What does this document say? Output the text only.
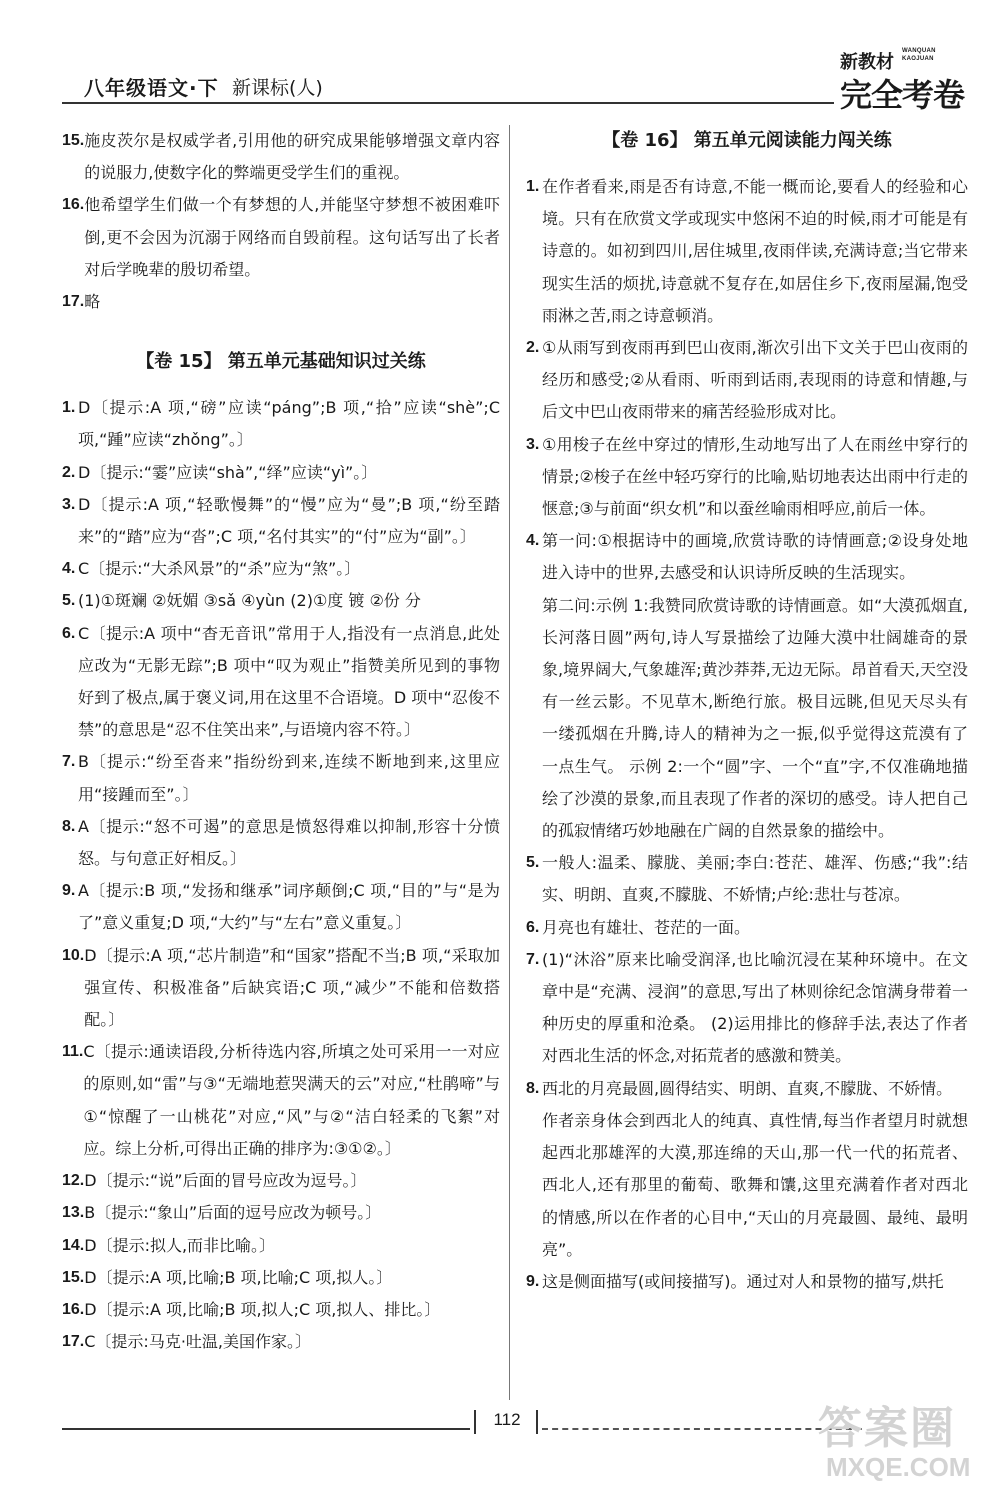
八年级语文·下 新课标(人)
新教材
WANQUAN
KAOJUAN
完全考卷
15. 施皮茨尔是权威学者,引用他的研究成果能够增强文章内容的说服力,使数字化的弊端更受学生们的重视。
16. 他希望学生们做一个有梦想的人,并能坚守梦想不被困难吓倒,更不会因为沉溺于网络而自毁前程。这句话写出了长者对后学晚辈的殷切希望。
17. 略
【卷 15】 第五单元基础知识过关练
1. D〔提示:A 项,“磅”应读“páng”;B 项,“拾”应读“shè”;C 项,“踵”应读“zhǒng”。〕
2. D〔提示:“霎”应读“shà”,“绎”应读“yì”。〕
3. D〔提示:A 项,“轻歌慢舞”的“慢”应为“曼”;B 项,“纷至踏来”的“踏”应为“沓”;C 项,“名付其实”的“付”应为“副”。〕
4. C〔提示:“大杀风景”的“杀”应为“煞”。〕
5. (1)①斑斓 ②妩媚 ③sǎ ④yùn (2)①度 镀 ②份 分
6. C〔提示:A 项中“杳无音讯”常用于人,指没有一点消息,此处应改为“无影无踪”;B 项中“叹为观止”指赞美所见到的事物好到了极点,属于褒义词,用在这里不合语境。D 项中“忍俊不禁”的意思是“忍不住笑出来”,与语境内容不符。〕
7. B〔提示:“纷至沓来”指纷纷到来,连续不断地到来,这里应用“接踵而至”。〕
8. A〔提示:“怒不可遏”的意思是愤怒得难以抑制,形容十分愤怒。与句意正好相反。〕
9. A〔提示:B 项,“发扬和继承”词序颠倒;C 项,“目的”与“是为了”意义重复;D 项,“大约”与“左右”意义重复。〕
10. D〔提示:A 项,“芯片制造”和“国家”搭配不当;B 项,“采取加强宣传、积极准备”后缺宾语;C 项,“减少”不能和倍数搭配。〕
11. C〔提示:通读语段,分析待选内容,所填之处可采用一一对应的原则,如“雷”与③“无端地惹哭满天的云”对应,“杜鹃啼”与①“惊醒了一山桃花”对应,“风”与②“洁白轻柔的飞絮”对应。综上分析,可得出正确的排序为:③①②。〕
12. D〔提示:“说”后面的冒号应改为逗号。〕
13. B〔提示:“象山”后面的逗号应改为顿号。〕
14. D〔提示:拟人,而非比喻。〕
15. D〔提示:A 项,比喻;B 项,比喻;C 项,拟人。〕
16. D〔提示:A 项,比喻;B 项,拟人;C 项,拟人、排比。〕
17. C〔提示:马克·吐温,美国作家。〕
【卷 16】 第五单元阅读能力闯关练
1. 在作者看来,雨是否有诗意,不能一概而论,要看人的经验和心境。只有在欣赏文学或现实中悠闲不迫的时候,雨才可能是有诗意的。如初到四川,居住城里,夜雨伴读,充满诗意;当它带来现实生活的烦扰,诗意就不复存在,如居住乡下,夜雨屋漏,饱受雨淋之苦,雨之诗意顿消。
2. ①从雨写到夜雨再到巴山夜雨,渐次引出下文关于巴山夜雨的经历和感受;②从看雨、听雨到话雨,表现雨的诗意和情趣,与后文中巴山夜雨带来的痛苦经验形成对比。
3. ①用梭子在丝中穿过的情形,生动地写出了人在雨丝中穿行的情景;②梭子在丝中轻巧穿行的比喻,贴切地表达出雨中行走的惬意;③与前面“织女机”和以蚕丝喻雨相呼应,前后一体。
4. 第一问:①根据诗中的画境,欣赏诗歌的诗情画意;②设身处地进入诗中的世界,去感受和认识诗所反映的生活现实。
第二问:示例 1:我赞同欣赏诗歌的诗情画意。如“大漠孤烟直,长河落日圆”两句,诗人写景描绘了边陲大漠中壮阔雄奇的景象,境界阔大,气象雄浑;黄沙莽莽,无边无际。昂首看天,天空没有一丝云影。不见草木,断绝行旅。极目远眺,但见天尽头有一缕孤烟在升腾,诗人的精神为之一振,似乎觉得这荒漠有了一点生气。 示例 2:一个“圆”字、一个“直”字,不仅准确地描绘了沙漠的景象,而且表现了作者的深切的感受。诗人把自己的孤寂情绪巧妙地融在广阔的自然景象的描绘中。
5. 一般人:温柔、朦胧、美丽;李白:苍茫、雄浑、伤感;“我”:结实、明朗、直爽,不朦胧、不娇情;卢纶:悲壮与苍凉。
6. 月亮也有雄壮、苍茫的一面。
7. (1)“沐浴”原来比喻受润泽,也比喻沉浸在某种环境中。在文章中是“充满、浸润”的意思,写出了林则徐纪念馆满身带着一种历史的厚重和沧桑。 (2)运用排比的修辞手法,表达了作者对西北生活的怀念,对拓荒者的感激和赞美。
8. 西北的月亮最圆,圆得结实、明朗、直爽,不朦胧、不娇情。
作者亲身体会到西北人的纯真、真性情,每当作者望月时就想起西北那雄浑的大漠,那连绵的天山,那一代一代的拓荒者、西北人,还有那里的葡萄、歌舞和馕,这里充满着作者对西北的情感,所以在作者的心目中,“天山的月亮最圆、最纯、最明亮”。
9. 这是侧面描写(或间接描写)。通过对人和景物的描写,烘托
112	答案圈
MXQE.COM
